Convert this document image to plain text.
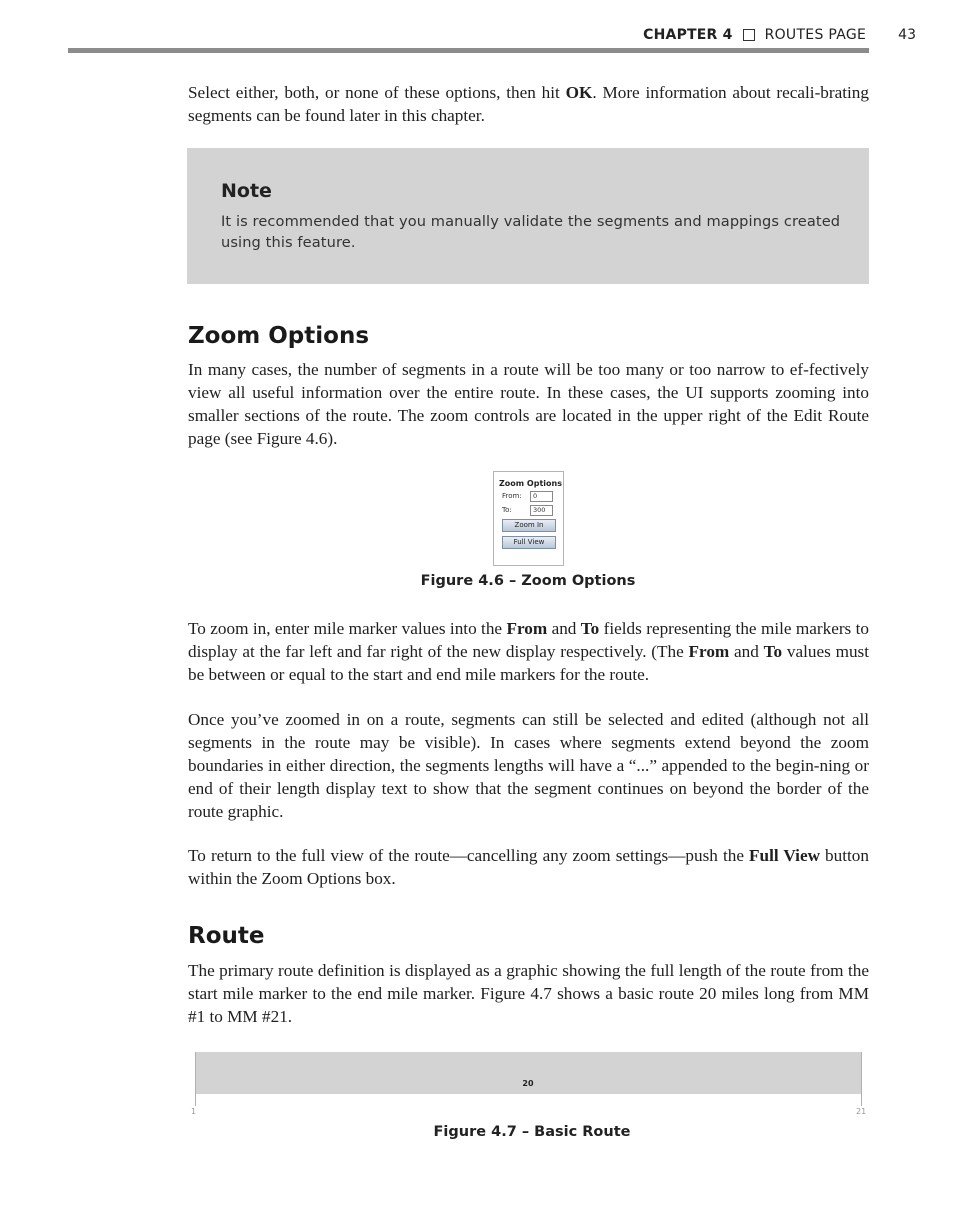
CHAPTER 4 ROUTES PAGE 43

Select either, both, or none of these options, then hit OK. More information about recali-brating segments can be found later in this chapter.

Note
It is recommended that you manually validate the segments and mappings created using this feature.
Zoom Options

In many cases, the number of segments in a route will be too many or too narrow to ef-fectively view all useful information over the entire route. In these cases, the UI supports zooming into smaller sections of the route. The zoom controls are located in the upper right of the Edit Route page (see Figure 4.6).

Zoom Options
From:	0
To:	300
Zoom In
Full View
Figure 4.6 – Zoom Options

To zoom in, enter mile marker values into the From and To fields representing the mile markers to display at the far left and far right of the new display respectively. (The From and To values must be between or equal to the start and end mile markers for the route.

Once you’ve zoomed in on a route, segments can still be selected and edited (although not all segments in the route may be visible). In cases where segments extend beyond the zoom boundaries in either direction, the segments lengths will have a “...” appended to the begin-ning or end of their length display text to show that the segment continues on beyond the border of the route graphic.

To return to the full view of the route—cancelling any zoom settings—push the Full View button within the Zoom Options box.

Route

The primary route definition is displayed as a graphic showing the full length of the route from the start mile marker to the end mile marker. Figure 4.7 shows a basic route 20 miles long from MM #1 to MM #21.

20
1	21
Figure 4.7 – Basic Route
